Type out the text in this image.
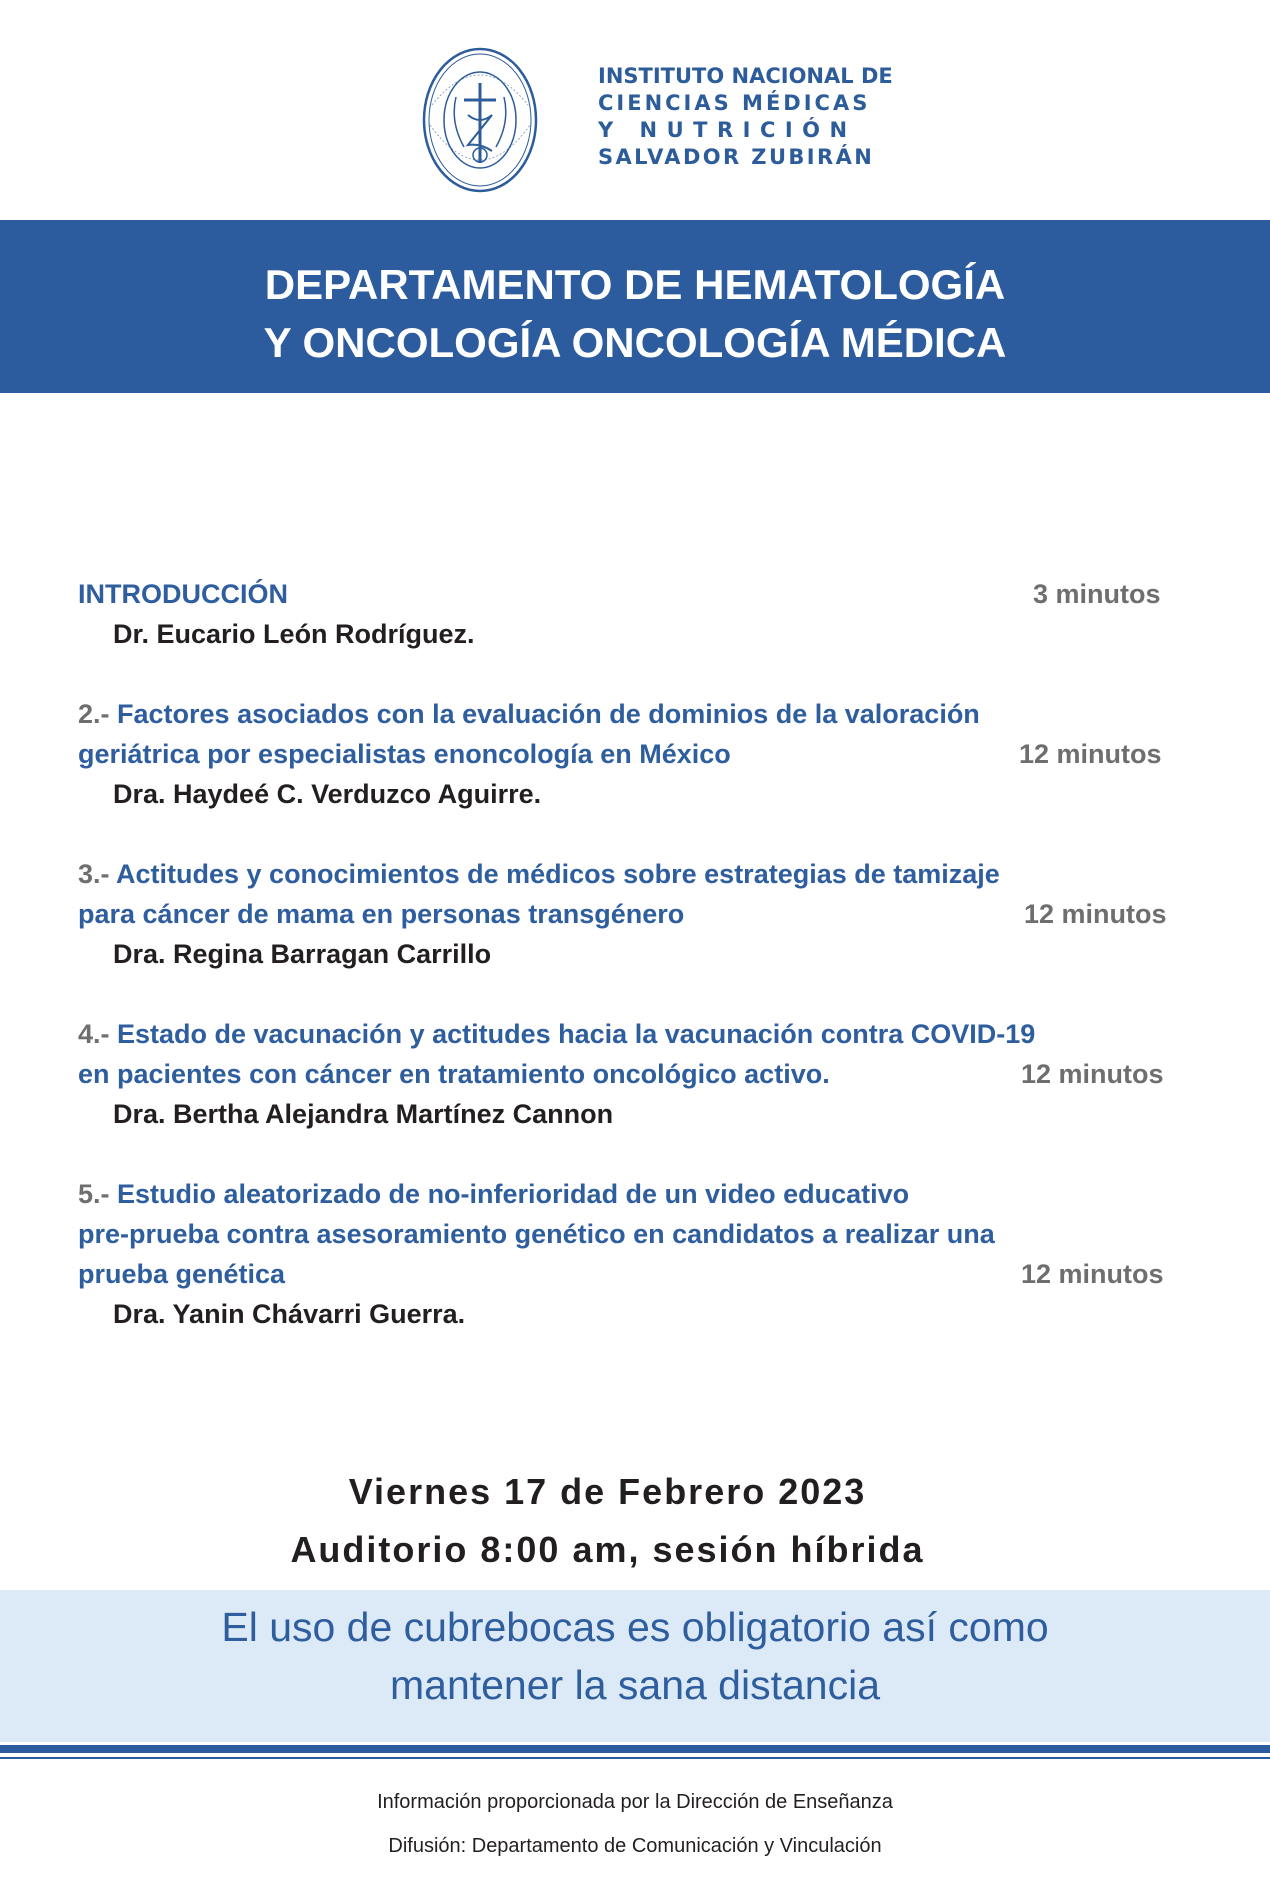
INSTITUTO NACIONAL DE
CIENCIAS MÉDICAS
Y NUTRICIÓN
SALVADOR ZUBIRÁN
DEPARTAMENTO DE HEMATOLOGÍA
Y ONCOLOGÍA ONCOLOGÍA MÉDICA
INTRODUCCIÓN	3 minutos
Dr. Eucario León Rodríguez.
2.- Factores asociados con la evaluación de dominios de la valoración
geriátrica por especialistas enoncología en México	12 minutos
Dra. Haydeé C. Verduzco Aguirre.
3.- Actitudes y conocimientos de médicos sobre estrategias de tamizaje
para cáncer de mama en personas transgénero	12 minutos
Dra. Regina Barragan Carrillo
4.- Estado de vacunación y actitudes hacia la vacunación contra COVID-19
en pacientes con cáncer en tratamiento oncológico activo.	12 minutos
Dra. Bertha Alejandra Martínez Cannon
5.- Estudio aleatorizado de no-inferioridad de un video educativo
pre-prueba contra asesoramiento genético en candidatos a realizar una
prueba genética	12 minutos
Dra. Yanin Chávarri Guerra.
Viernes 17 de Febrero 2023
Auditorio 8:00 am, sesión híbrida
El uso de cubrebocas es obligatorio así como
mantener la sana distancia
Información proporcionada por la Dirección de Enseñanza
Difusión: Departamento de Comunicación y Vinculación
